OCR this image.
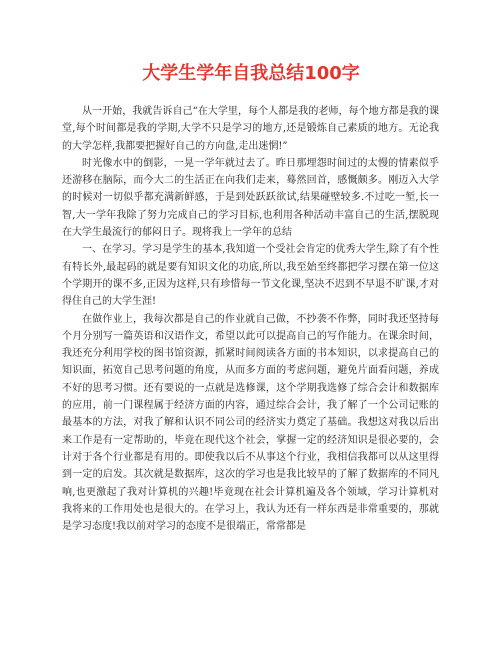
大学生学年自我总结100字

从一开始，我就告诉自己“在大学里，每个人都是我的老师，每个地方都是我的课堂,每个时间都是我的学期,大学不只是学习的地方,还是锻炼自己素质的地方。无论我的大学怎样,我都要把握好自己的方向盘,走出迷惘!”

时光像水中的倒影，一晃一学年就过去了。昨日那埋怨时间过的太慢的情素似乎还游移在脑际，而今大二的生活正在向我们走来，蓦然回首，感慨颇多。刚迈入大学的时候对一切似乎都充满新鲜感，于是到处跃跃欲试,结果碰壁较多.不过吃一堑,长一智,大一学年我除了努力完成自己的学习目标,也利用各种活动丰富自己的生活,摆脱现在大学生最流行的郁闷日子。现将我上一学年的总结

一、在学习。学习是学生的基本,我知道一个受社会肯定的优秀大学生,除了有个性有特长外,最起码的就是要有知识文化的功底,所以,我至始至终都把学习摆在第一位这个学期开的课不多,正因为这样,只有珍惜每一节文化课,坚决不迟到不早退不旷课,才对得住自己的大学生涯!

在做作业上，我每次都是自己的作业就自己做，不抄袭不作弊，同时我还坚持每个月分别写一篇英语和汉语作文，希望以此可以提高自己的写作能力。在课余时间，我还充分利用学校的图书馆资源，抓紧时间阅读各方面的书本知识，以求提高自己的知识面，拓宽自己思考问题的角度，从而多方面的考虑问题，避免片面看问题，养成不好的思考习惯。还有要说的一点就是选修课，这个学期我选修了综合会计和数据库的应用，前一门课程属于经济方面的内容，通过综合会计，我了解了一个公司记账的最基本的方法，对我了解和认识不同公司的经济实力奠定了基础。我想这对我以后出来工作是有一定帮助的，毕竟在现代这个社会，掌握一定的经济知识是很必要的，会计对于各个行业都是有用的。即使我以后不从事这个行业，我相信我都可以从这里得到一定的启发。其次就是数据库，这次的学习也是我比较早的了解了数据库的不同凡响,也更激起了我对计算机的兴趣!毕竟现在社会计算机遍及各个领域，学习计算机对我将来的工作用处也是很大的。在学习上，我认为还有一样东西是非常重要的，那就是学习态度!我以前对学习的态度不是很端正，常常都是
